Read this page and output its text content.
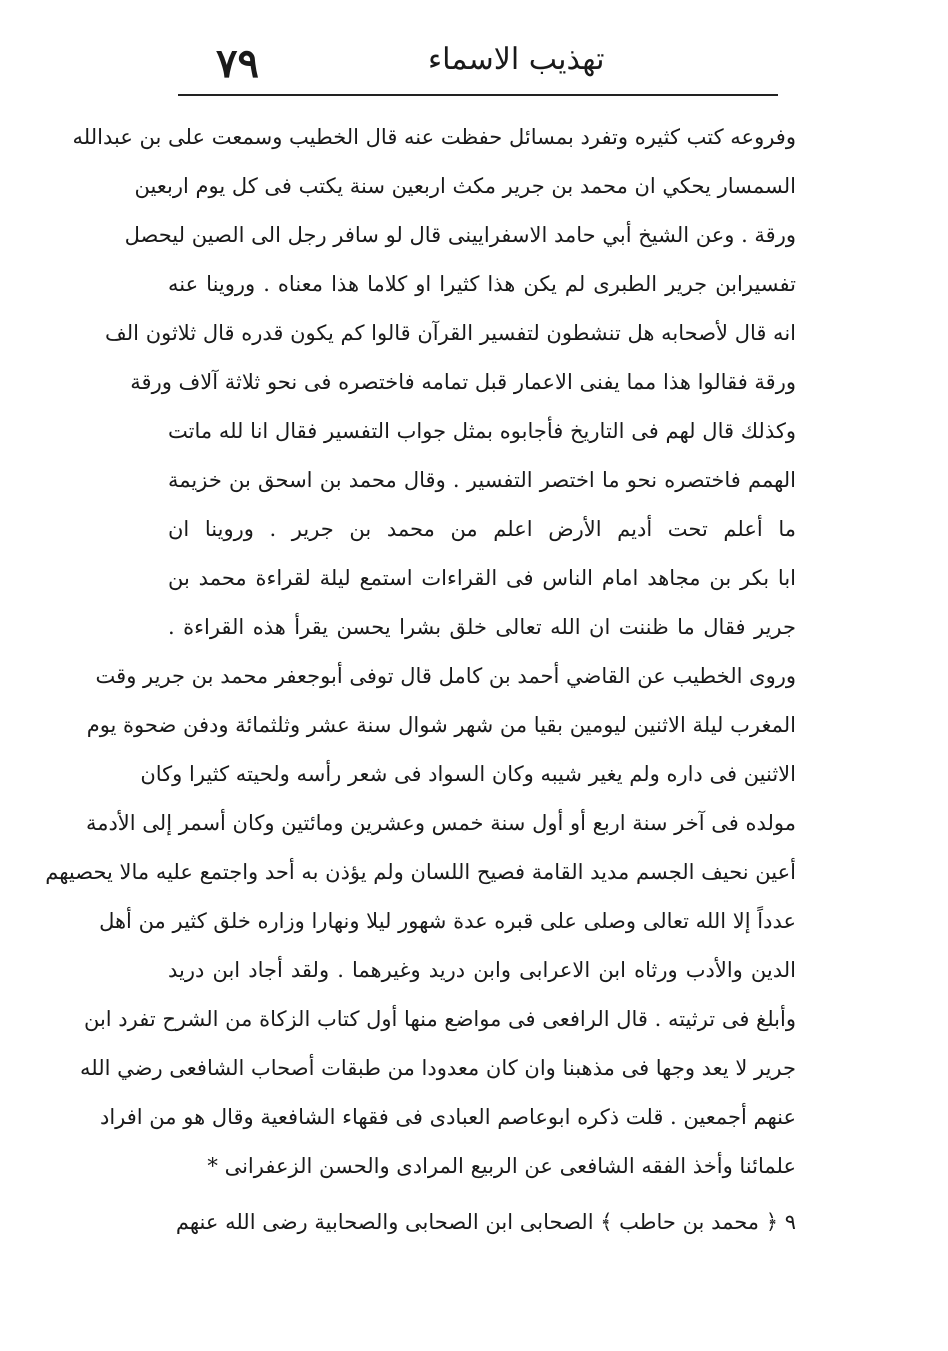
٧٩	تهذيب الاسماء
وفروعه كتب كثيره وتفرد بمسائل حفظت عنه قال الخطيب وسمعت على بن عبدالله
السمسار يحكي ان محمد بن جرير مكث اربعين سنة يكتب فى كل يوم اربعين
ورقة . وعن الشيخ أبي حامد الاسفرايينى قال لو سافر رجل الى الصين ليحصل
تفسيرابن جرير الطبرى لم يكن هذا كثيرا او كلاما هذا معناه . وروينا عنه
انه قال لأصحابه هل تنشطون لتفسير القرآن قالوا كم يكون قدره قال ثلاثون الف
ورقة فقالوا هذا مما يفنى الاعمار قبل تمامه فاختصره فى نحو ثلاثة آلاف ورقة
وكذلك قال لهم فى التاريخ فأجابوه بمثل جواب التفسير فقال انا لله ماتت
الهمم فاختصره نحو ما اختصر التفسير . وقال محمد بن اسحق بن خزيمة
ما أعلم تحت أديم الأرض اعلم من محمد بن جرير . وروينا ان
ابا بكر بن مجاهد امام الناس فى القراءات استمع ليلة لقراءة محمد بن
جرير فقال ما ظننت ان الله تعالى خلق بشرا يحسن يقرأ هذه القراءة .
وروى الخطيب عن القاضي أحمد بن كامل قال توفى أبوجعفر محمد بن جرير وقت
المغرب ليلة الاثنين ليومين بقيا من شهر شوال سنة عشر وثلثمائة ودفن ضحوة يوم
الاثنين فى داره ولم يغير شيبه وكان السواد فى شعر رأسه ولحيته كثيرا وكان
مولده فى آخر سنة اربع أو أول سنة خمس وعشرين ومائتين وكان أسمر إلى الأدمة
أعين نحيف الجسم مديد القامة فصيح اللسان ولم يؤذن به أحد واجتمع عليه مالا يحصيهم
عدداً إلا الله تعالى وصلى على قبره عدة شهور ليلا ونهارا وزاره خلق كثير من أهل
الدين والأدب ورثاه ابن الاعرابى وابن دريد وغيرهما . ولقد أجاد ابن دريد
وأبلغ فى ترثيته . قال الرافعى فى مواضع منها أول كتاب الزكاة من الشرح تفرد ابن
جرير لا يعد وجها فى مذهبنا وان كان معدودا من طبقات أصحاب الشافعى رضي الله
عنهم أجمعين . قلت ذكره ابوعاصم العبادى فى فقهاء الشافعية وقال هو من افراد
علمائنا وأخذ الفقه الشافعى عن الربيع المرادى والحسن الزعفرانى *
٩ ﴿ محمد بن حاطب ﴾ الصحابى ابن الصحابى والصحابية رضى الله عنهم
